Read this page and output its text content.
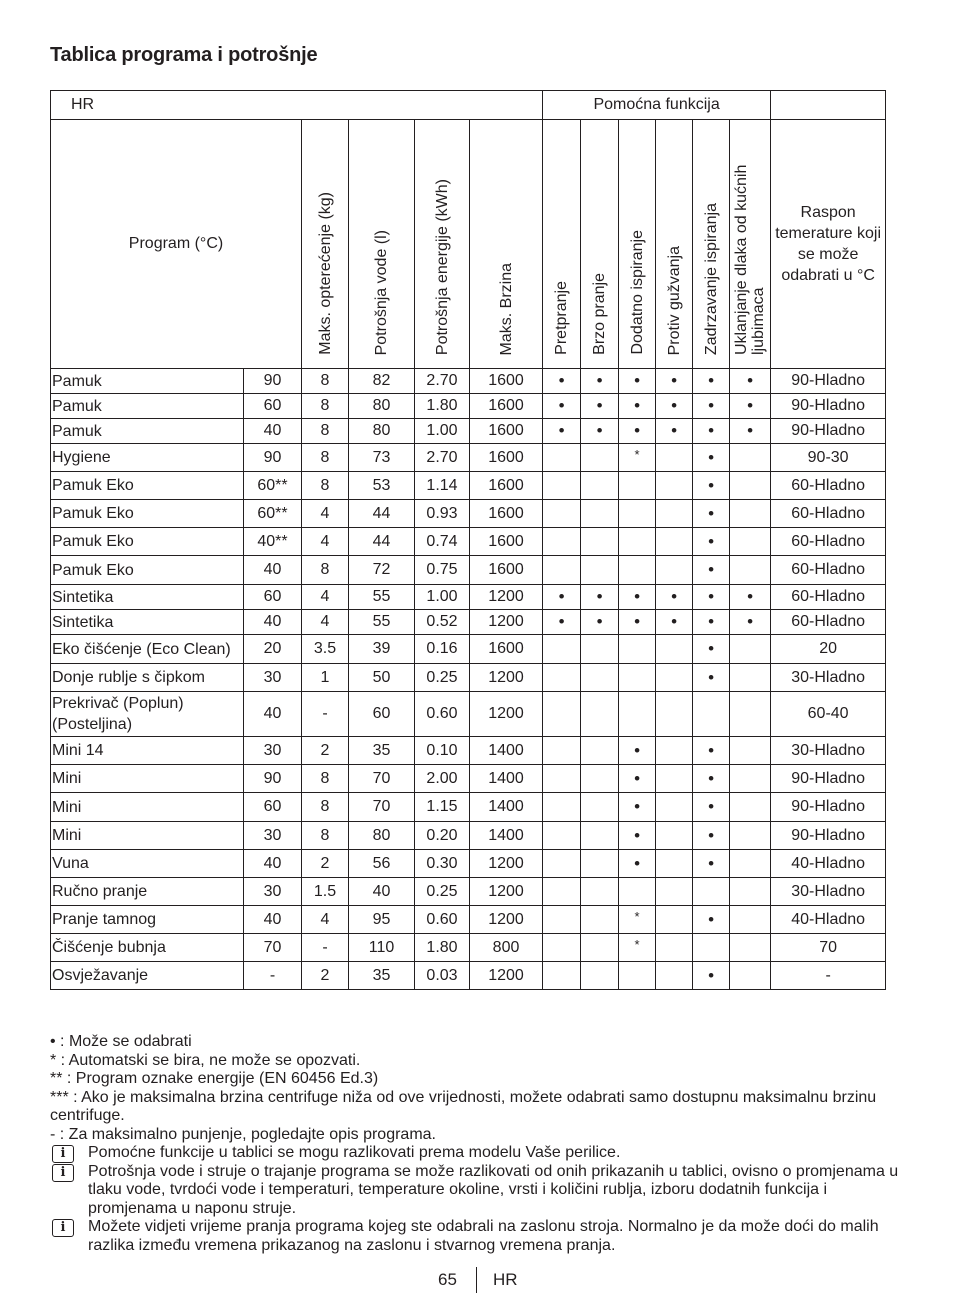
Tablica programa i potrošnje
HR						Pomoćna funkcija						
Program (°C)		Maks. opterećenje (kg)	Potrošnja vode (l)	Potrošnja energije (kWh)	Maks. Brzina	Pretpranje	Brzo pranje	Dodatno ispiranje	Protiv gužvanja	Zadrzavanje ispiranja	Uklanjanje dlaka od kućnih ljubimaca	Raspon temerature koji se može odabrati u °C
Pamuk	90	8	82	2.70	1600	•	•	•	•	•	•	90-Hladno
Pamuk	60	8	80	1.80	1600	•	•	•	•	•	•	90-Hladno
Pamuk	40	8	80	1.00	1600	•	•	•	•	•	•	90-Hladno
Hygiene	90	8	73	2.70	1600			*		•		90-30
Pamuk Eko	60**	8	53	1.14	1600					•		60-Hladno
Pamuk Eko	60**	4	44	0.93	1600					•		60-Hladno
Pamuk Eko	40**	4	44	0.74	1600					•		60-Hladno
Pamuk Eko	40	8	72	0.75	1600					•		60-Hladno
Sintetika	60	4	55	1.00	1200	•	•	•	•	•	•	60-Hladno
Sintetika	40	4	55	0.52	1200	•	•	•	•	•	•	60-Hladno
Eko čišćenje (Eco Clean)	20	3.5	39	0.16	1600					•		20
Donje rublje s čipkom	30	1	50	0.25	1200					•		30-Hladno
Prekrivač (Poplun) (Posteljina)	40	-	60	0.60	1200							60-40
Mini 14	30	2	35	0.10	1400			•		•		30-Hladno
Mini	90	8	70	2.00	1400			•		•		90-Hladno
Mini	60	8	70	1.15	1400			•		•		90-Hladno
Mini	30	8	80	0.20	1400			•		•		90-Hladno
Vuna	40	2	56	0.30	1200			•		•		40-Hladno
Ručno pranje	30	1.5	40	0.25	1200							30-Hladno
Pranje tamnog	40	4	95	0.60	1200			*		•		40-Hladno
Čišćenje bubnja	70	-	110	1.80	800			*				70
Osvježavanje	-	2	35	0.03	1200					•		-

• : Može se odabrati

* : Automatski se bira, ne može se opozvati.

** : Program oznake energije (EN 60456 Ed.3)

*** : Ako je maksimalna brzina centrifuge niža od ove vrijednosti, možete odabrati samo dostupnu maksimalnu brzinu centrifuge.

- : Za maksimalno punjenje, pogledajte opis programa.

i	Pomoćne funkcije u tablici se mogu razlikovati prema modelu Vaše perilice.
i	Potrošnja vode i struje o trajanje programa se može razlikovati od onih prikazanih u tablici, ovisno o promjenama u tlaku vode, tvrdoći vode i temperaturi, temperature okoline, vrsti i količini rublja, izboru dodatnih funkcija i promjenama u naponu struje.
i	Možete vidjeti vrijeme pranja programa kojeg ste odabrali na zaslonu stroja. Normalno je da može doći do malih razlika između vremena prikazanog na zaslonu i stvarnog vremena pranja.
65 HR
